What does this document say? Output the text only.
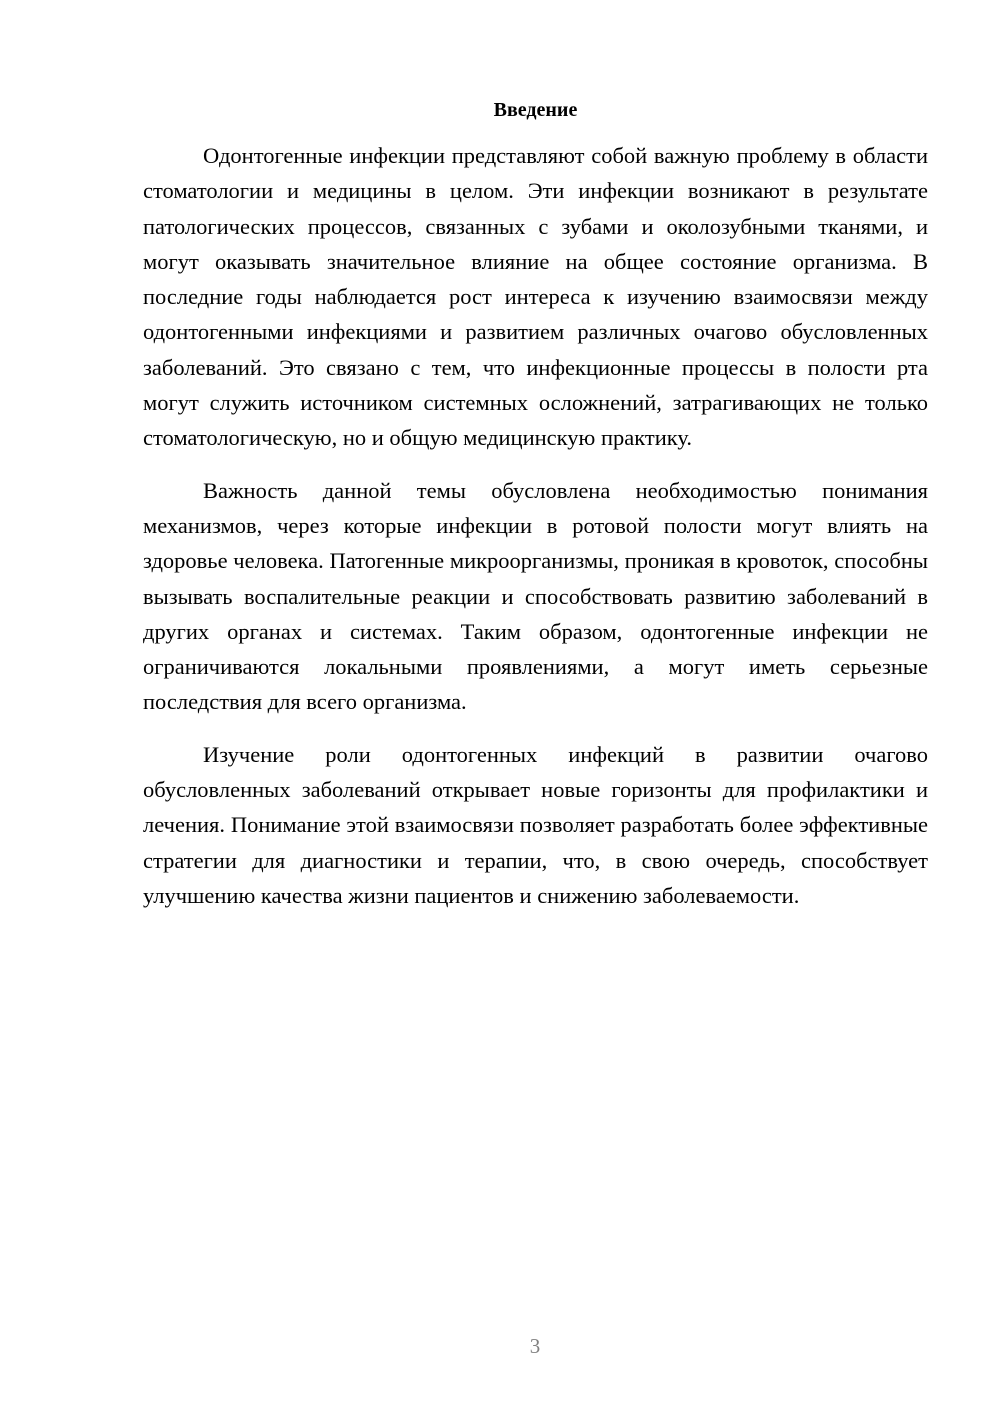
Введение

Одонтогенные инфекции представляют собой важную проблему в области стоматологии и медицины в целом. Эти инфекции возникают в результате патологических процессов, связанных с зубами и околозубными тканями, и могут оказывать значительное влияние на общее состояние организма. В последние годы наблюдается рост интереса к изучению взаимосвязи между одонтогенными инфекциями и развитием различных очагово обусловленных заболеваний. Это связано с тем, что инфекционные процессы в полости рта могут служить источником системных осложнений, затрагивающих не только стоматологическую, но и общую медицинскую практику.

Важность данной темы обусловлена необходимостью понимания механизмов, через которые инфекции в ротовой полости могут влиять на здоровье человека. Патогенные микроорганизмы, проникая в кровоток, способны вызывать воспалительные реакции и способствовать развитию заболеваний в других органах и системах. Таким образом, одонтогенные инфекции не ограничиваются локальными проявлениями, а могут иметь серьезные последствия для всего организма.

Изучение роли одонтогенных инфекций в развитии очагово обусловленных заболеваний открывает новые горизонты для профилактики и лечения. Понимание этой взаимосвязи позволяет разработать более эффективные стратегии для диагностики и терапии, что, в свою очередь, способствует улучшению качества жизни пациентов и снижению заболеваемости.

3
